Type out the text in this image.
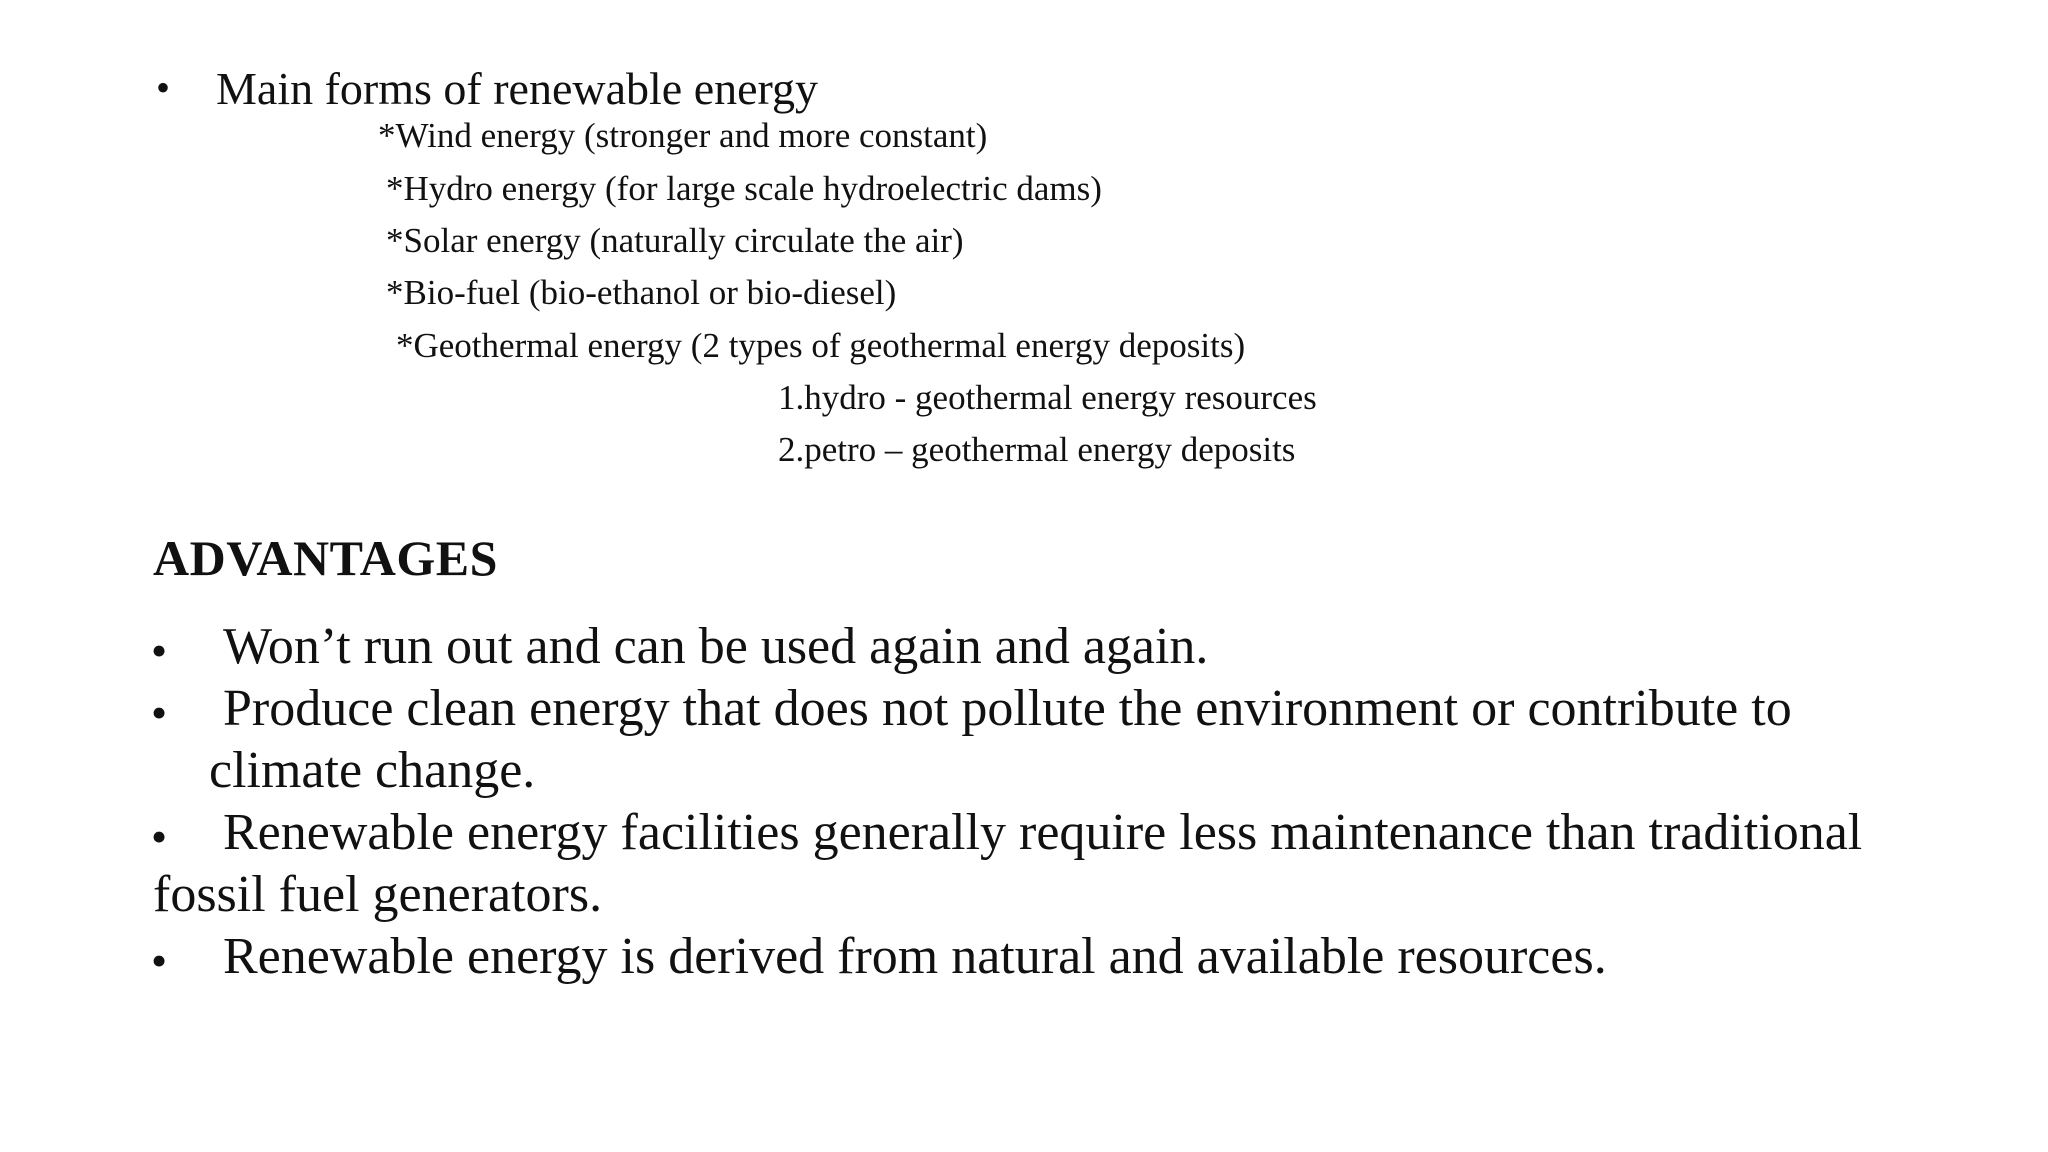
• Main forms of renewable energy
*Wind energy (stronger and more constant)
*Hydro energy (for large scale hydroelectric dams)
*Solar energy (naturally circulate the air)
*Bio-fuel (bio-ethanol or bio-diesel)
*Geothermal energy (2 types of geothermal energy deposits)
1.hydro - geothermal energy resources
2.petro – geothermal energy deposits
ADVANTAGES
• Won’t run out and can be used again and again.
• Produce clean energy that does not pollute the environment or contribute to
climate change.
• Renewable energy facilities generally require less maintenance than traditional
fossil fuel generators.
• Renewable energy is derived from natural and available resources.
